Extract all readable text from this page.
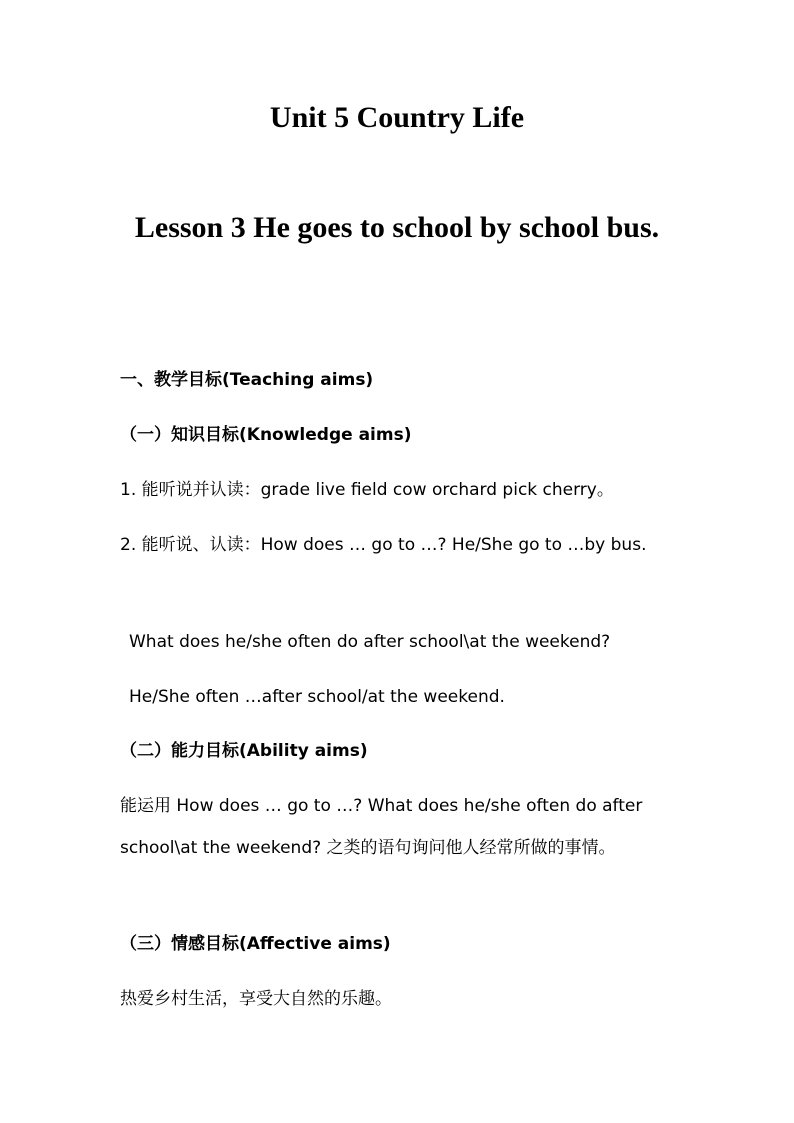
Unit 5 Country Life
Lesson 3 He goes to school by school bus.
一、教学目标(Teaching aims)
（一）知识目标(Knowledge aims)
1. 能听说并认读：grade live field cow orchard pick cherry。
2. 能听说、认读：How does … go to …? He/She go to …by bus.
What does he/she often do after school\at the weekend?
He/She often …after school/at the weekend.
（二）能力目标(Ability aims)
能运用 How does … go to …? What does he/she often do after school\at the weekend? 之类的语句询问他人经常所做的事情。
（三）情感目标(Affective aims)
热爱乡村生活，享受大自然的乐趣。
